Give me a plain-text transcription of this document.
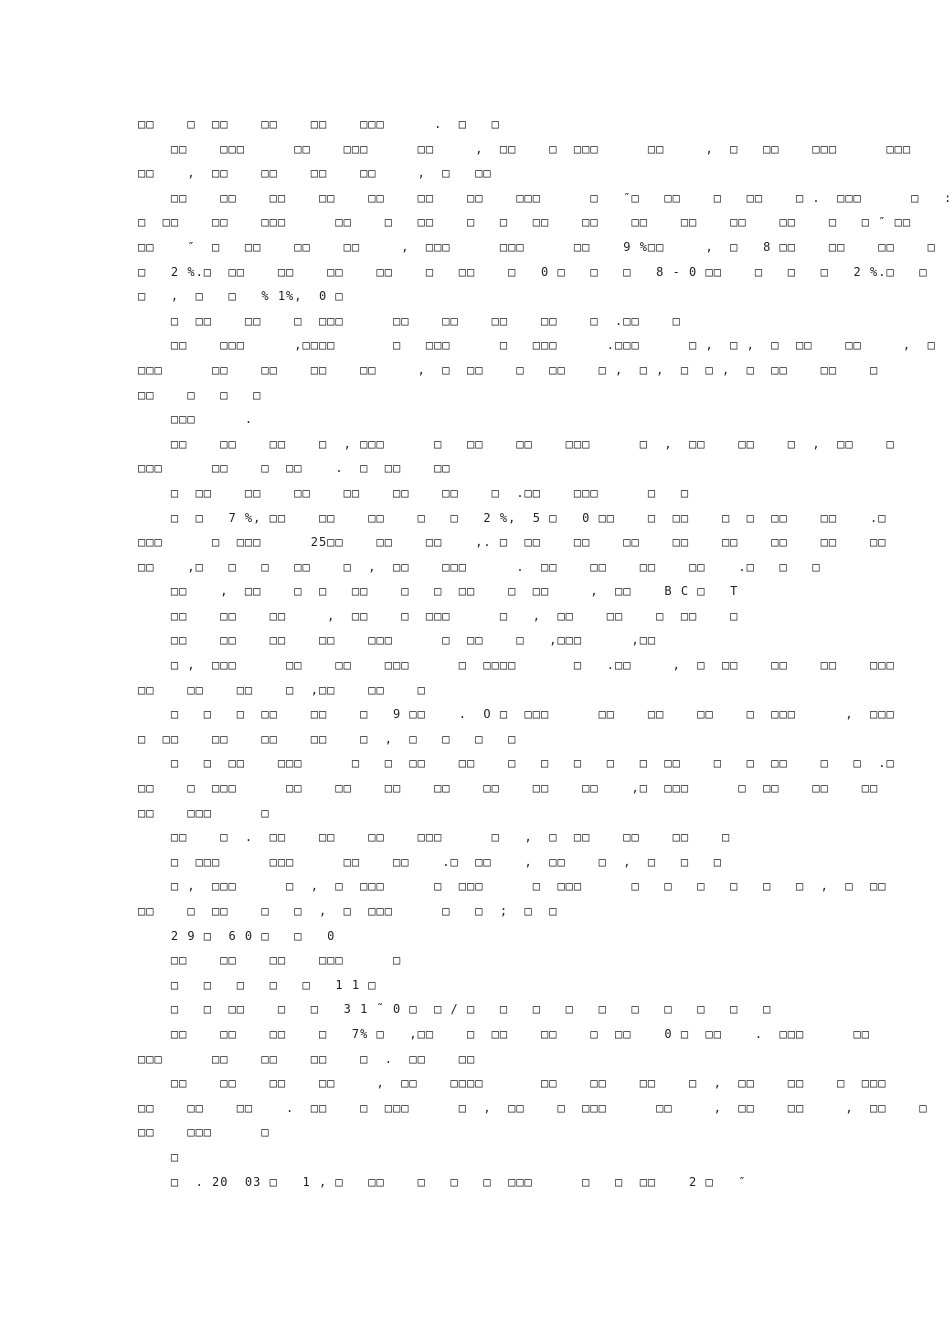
□□    □  □□    □□    □□    □□□      .  □   □
□□    □□□      □□    □□□      □□     ,  □□    □  □□□      □□     ,  □   □□    □□□      □□□
□□    ,  □□    □□    □□    □□     ,  □   □□
□□    □□    □□    □□    □□    □□    □□    □□□      □   ″□   □□    □   □□    □ .  □□□      □   :
□  □□    □□    □□□      □□    □   □□    □   □   □□    □□    □□    □□    □□    □□    □   □ ″ □□
□□    ″  □   □□    □□    □□     ,  □□□      □□□      □□    9 %□□     ,  □   8 □□    □□    □□    □
□   2 %.□  □□    □□    □□    □□    □   □□    □   0 □   □   □   8 - 0 □□    □   □   □   2 %.□   □
□   ,  □   □   % 1%,  0 □
□  □□    □□    □  □□□      □□    □□    □□    □□    □  .□□    □
□□    □□□      ,□□□□       □   □□□      □   □□□      .□□□      □ ,  □ ,  □  □□    □□     ,  □
□□□      □□    □□    □□    □□     ,  □  □□    □   □□    □ ,  □ ,  □  □ ,  □  □□    □□    □
□□    □   □   □
□□□      .
□□    □□    □□    □  , □□□      □   □□    □□    □□□      □  ,  □□    □□    □  ,  □□    □
□□□      □□    □  □□    .  □  □□    □□
□  □□    □□    □□    □□    □□    □□    □  .□□    □□□      □   □
□  □   7 %, □□    □□    □□    □   □   2 %,  5 □   0 □□    □  □□    □  □  □□    □□    .□
□□□      □  □□□      25□□    □□    □□    ,. □  □□    □□    □□    □□    □□    □□    □□    □□
□□    ,□   □   □   □□    □  ,  □□    □□□      .  □□    □□    □□    □□    .□   □   □
□□    ,  □□    □  □   □□    □   □  □□    □  □□     ,  □□    B C □   T
□□    □□    □□     ,  □□    □  □□□      □   ,  □□    □□    □  □□    □
□□    □□    □□    □□    □□□      □  □□    □   ,□□□      ,□□
□ ,  □□□      □□    □□    □□□      □  □□□□       □   .□□     ,  □  □□    □□    □□    □□□
□□    □□    □□    □  ,□□    □□    □
□   □   □  □□    □□    □   9 □□    .  O □  □□□      □□    □□    □□    □  □□□      ,  □□□
□  □□    □□    □□    □□    □  ,  □   □   □   □
□   □  □□    □□□      □   □  □□    □□    □   □   □   □   □  □□    □   □  □□    □   □  .□
□□    □  □□□      □□    □□    □□    □□    □□    □□    □□    ,□  □□□      □  □□    □□    □□
□□    □□□      □
□□    □  .  □□    □□    □□    □□□      □   ,  □  □□    □□    □□    □
□  □□□      □□□      □□    □□    .□  □□    ,  □□    □  ,  □   □   □
□ ,  □□□      □  ,  □  □□□      □  □□□      □  □□□      □   □   □   □   □   □  ,  □  □□
□□    □  □□    □   □  ,  □  □□□      □   □  ;  □  □
2 9 □  6 0 □   □   0
□□    □□    □□    □□□      □
□   □   □   □   □   1 1 □
□   □  □□    □   □   3 1 ˜ 0 □  □ / □   □   □   □   □   □   □   □   □   □
□□    □□    □□    □   7% □   ,□□    □  □□    □□    □  □□    0 □  □□    .  □□□      □□
□□□      □□    □□    □□    □  .  □□    □□
□□    □□    □□    □□     ,  □□    □□□□       □□    □□    □□    □  ,  □□    □□    □  □□□
□□    □□    □□    .  □□    □  □□□      □  ,  □□    □  □□□      □□     ,  □□    □□     ,  □□    □
□□    □□□      □
□
□  . 20  03 □   1 , □   □□    □   □   □  □□□      □   □  □□    2 □   ″
